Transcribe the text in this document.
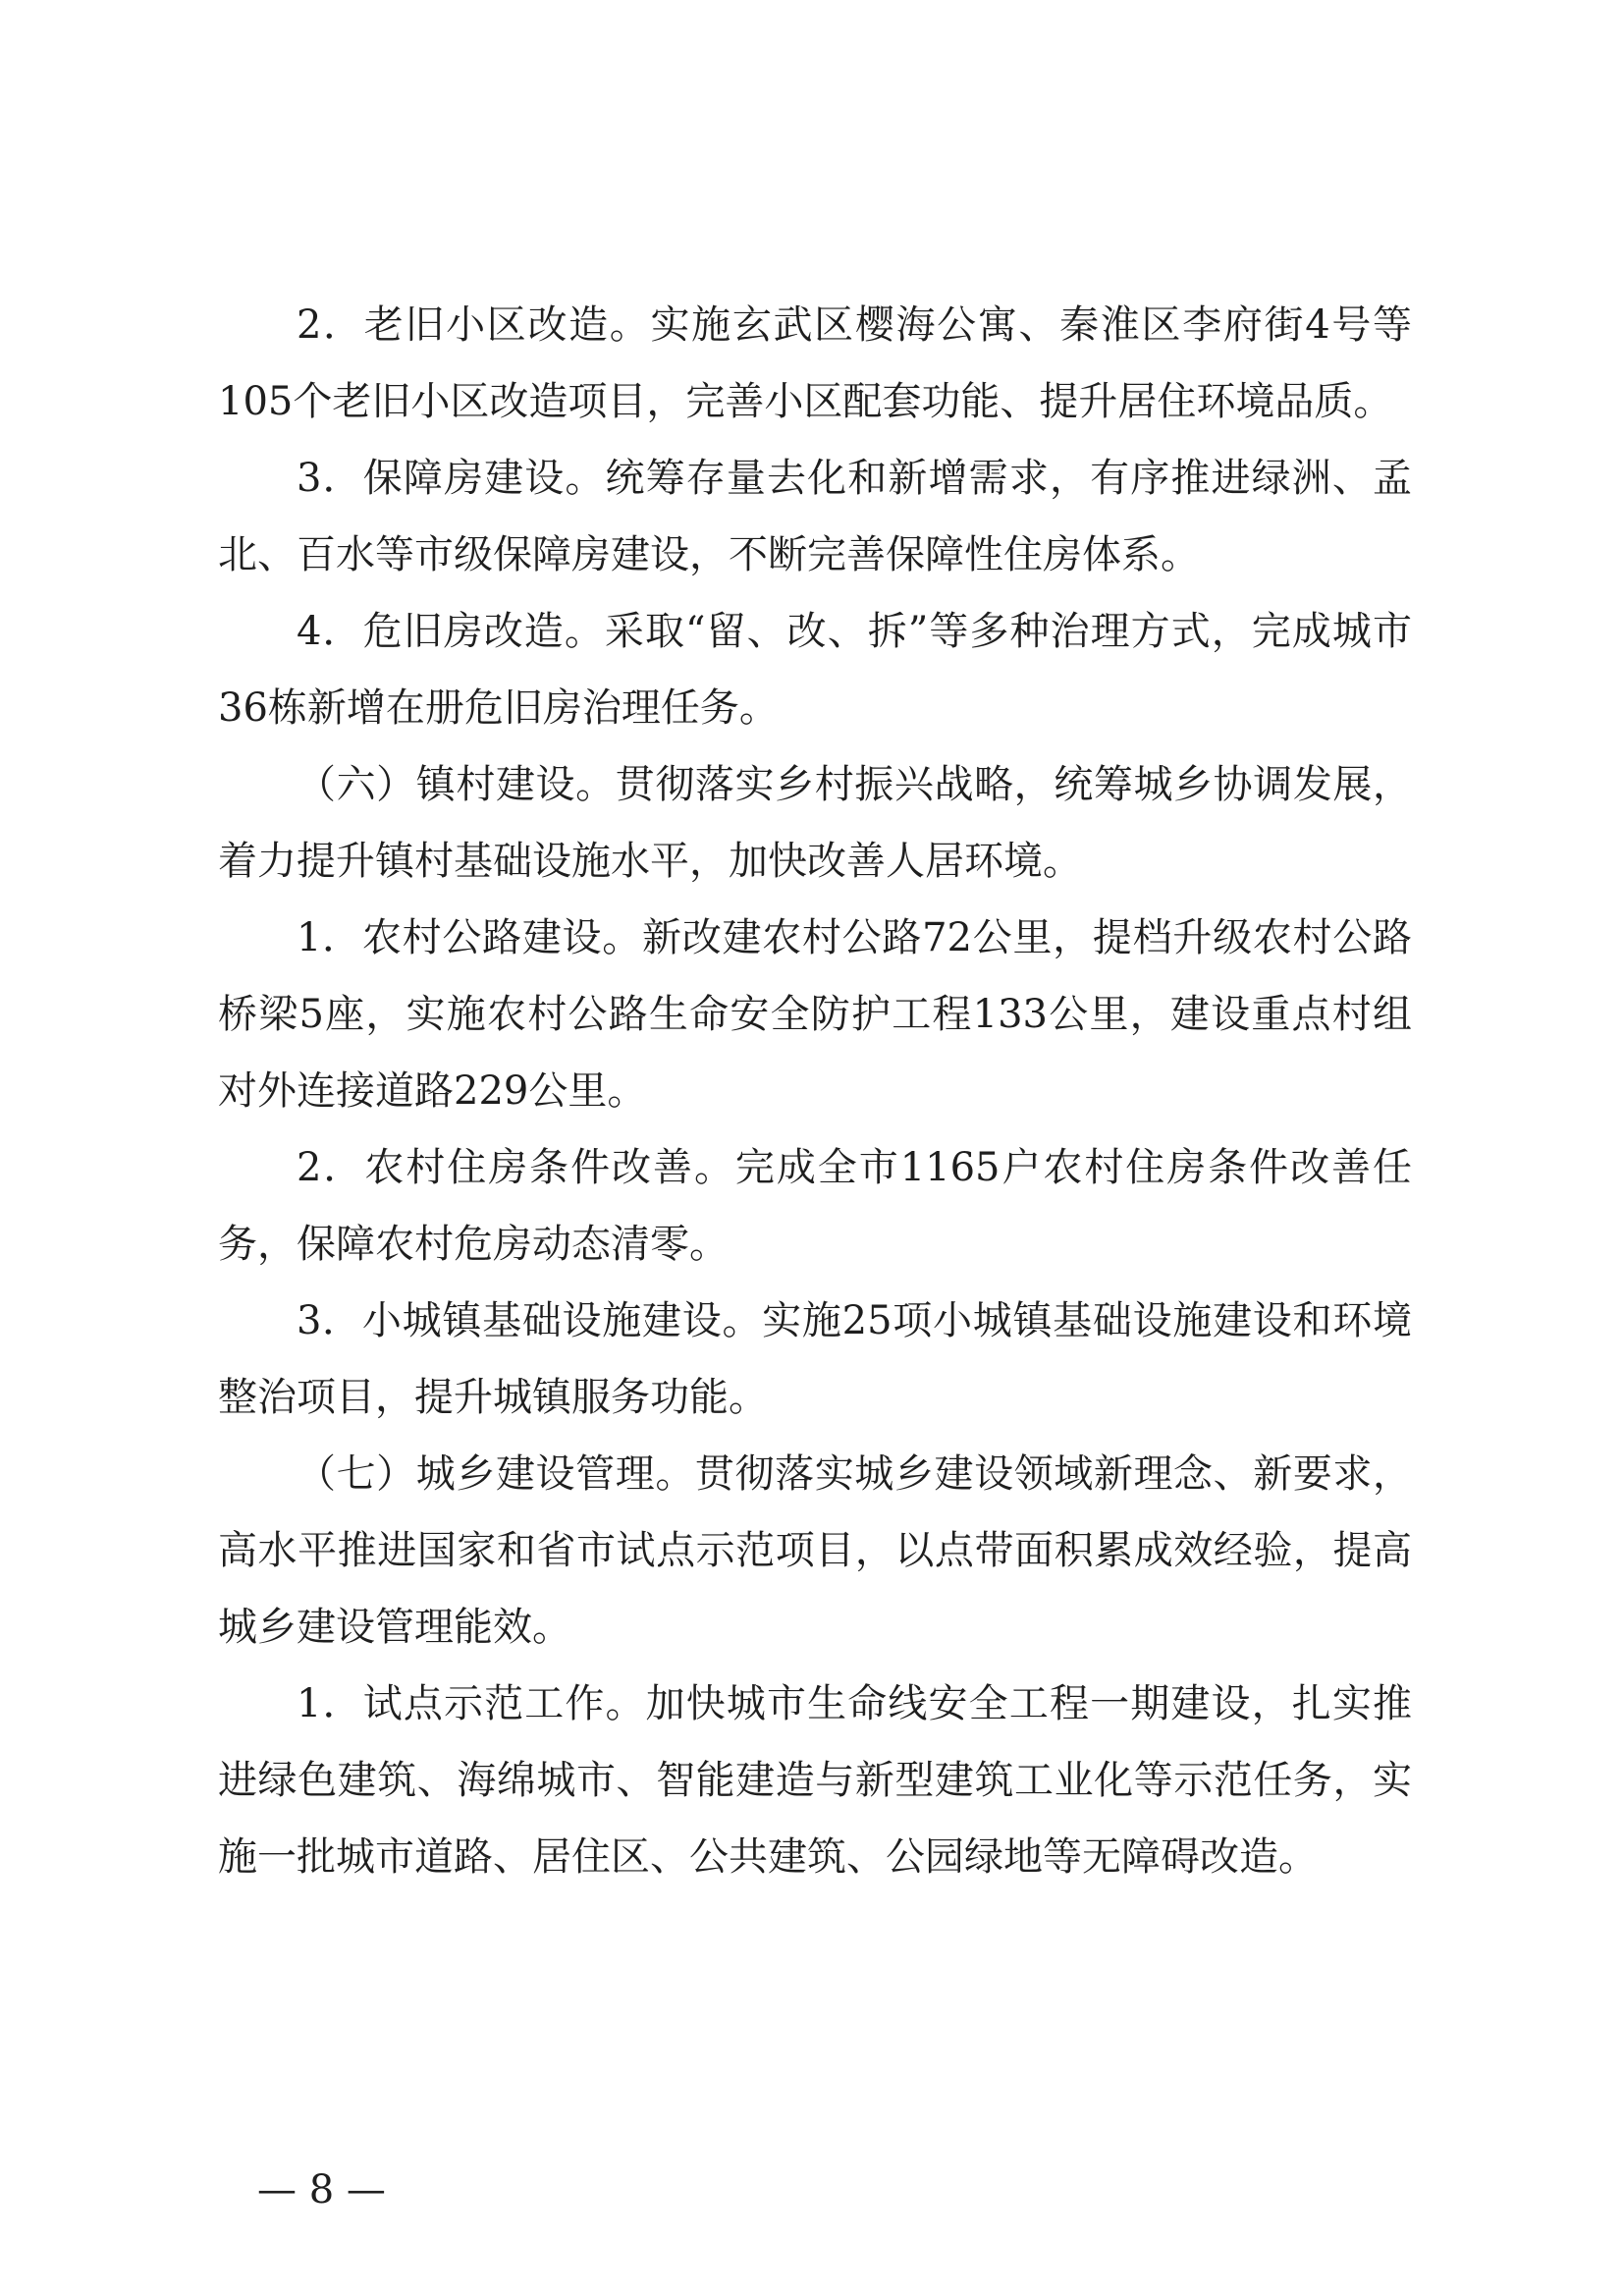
2．老旧小区改造。实施玄武区樱海公寓、秦淮区李府街4号等105个老旧小区改造项目，完善小区配套功能、提升居住环境品质。

3．保障房建设。统筹存量去化和新增需求，有序推进绿洲、孟北、百水等市级保障房建设，不断完善保障性住房体系。

4．危旧房改造。采取“留、改、拆”等多种治理方式，完成城市36栋新增在册危旧房治理任务。

（六）镇村建设。贯彻落实乡村振兴战略，统筹城乡协调发展，着力提升镇村基础设施水平，加快改善人居环境。

1．农村公路建设。新改建农村公路72公里，提档升级农村公路桥梁5座，实施农村公路生命安全防护工程133公里，建设重点村组对外连接道路229公里。

2．农村住房条件改善。完成全市1165户农村住房条件改善任务，保障农村危房动态清零。

3．小城镇基础设施建设。实施25项小城镇基础设施建设和环境整治项目，提升城镇服务功能。

（七）城乡建设管理。贯彻落实城乡建设领域新理念、新要求，高水平推进国家和省市试点示范项目，以点带面积累成效经验，提高城乡建设管理能效。

1．试点示范工作。加快城市生命线安全工程一期建设，扎实推进绿色建筑、海绵城市、智能建造与新型建筑工业化等示范任务，实施一批城市道路、居住区、公共建筑、公园绿地等无障碍改造。

— 8 —
